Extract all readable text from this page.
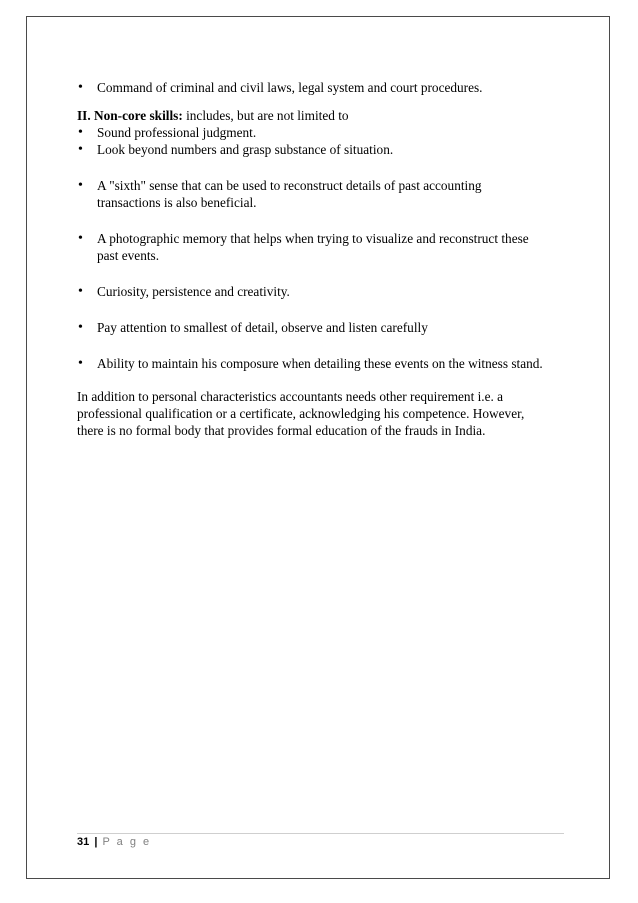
• Command of criminal and civil laws, legal system and court procedures.
II. Non-core skills: includes, but are not limited to
• Sound professional judgment.
• Look beyond numbers and grasp substance of situation.
• A "sixth" sense that can be used to reconstruct details of past accounting transactions is also beneficial.
• A photographic memory that helps when trying to visualize and reconstruct these past events.
• Curiosity, persistence and creativity.
• Pay attention to smallest of detail, observe and listen carefully
• Ability to maintain his composure when detailing these events on the witness stand.

In addition to personal characteristics accountants needs other requirement i.e. a professional qualification or a certificate, acknowledging his competence. However, there is no formal body that provides formal education of the frauds in India.

31 | P a g e
